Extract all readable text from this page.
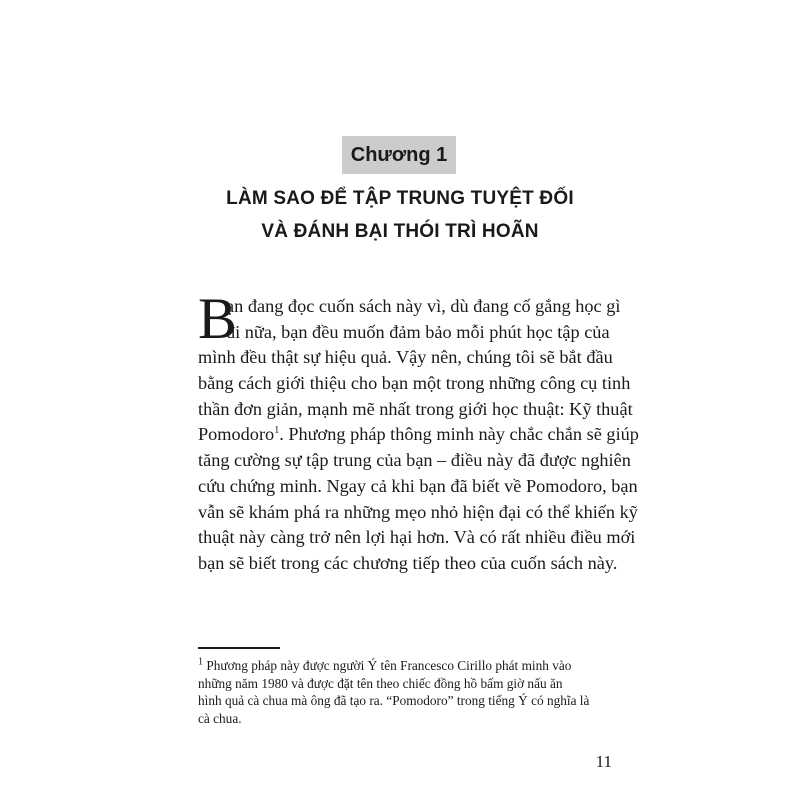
Chương 1
LÀM SAO ĐỂ TẬP TRUNG TUYỆT ĐỐI
VÀ ĐÁNH BẠI THÓI TRÌ HOÃN
B
ạn đang đọc cuốn sách này vì, dù đang cố gắng học gì
đi nữa, bạn đều muốn đảm bảo mỗi phút học tập của
mình đều thật sự hiệu quả. Vậy nên, chúng tôi sẽ bắt đầu
bằng cách giới thiệu cho bạn một trong những công cụ tinh
thần đơn giản, mạnh mẽ nhất trong giới học thuật: Kỹ thuật
Pomodoro$^1$. Phương pháp thông minh này chắc chắn sẽ giúp
tăng cường sự tập trung của bạn – điều này đã được nghiên
cứu chứng minh. Ngay cả khi bạn đã biết về Pomodoro, bạn
vẫn sẽ khám phá ra những mẹo nhỏ hiện đại có thể khiến kỹ
thuật này càng trở nên lợi hại hơn. Và có rất nhiều điều mới
bạn sẽ biết trong các chương tiếp theo của cuốn sách này.
$^1$ Phương pháp này được người Ý tên Francesco Cirillo phát minh vào
những năm 1980 và được đặt tên theo chiếc đồng hồ bấm giờ nấu ăn
hình quả cà chua mà ông đã tạo ra. “Pomodoro” trong tiếng Ý có nghĩa là
cà chua.
11
